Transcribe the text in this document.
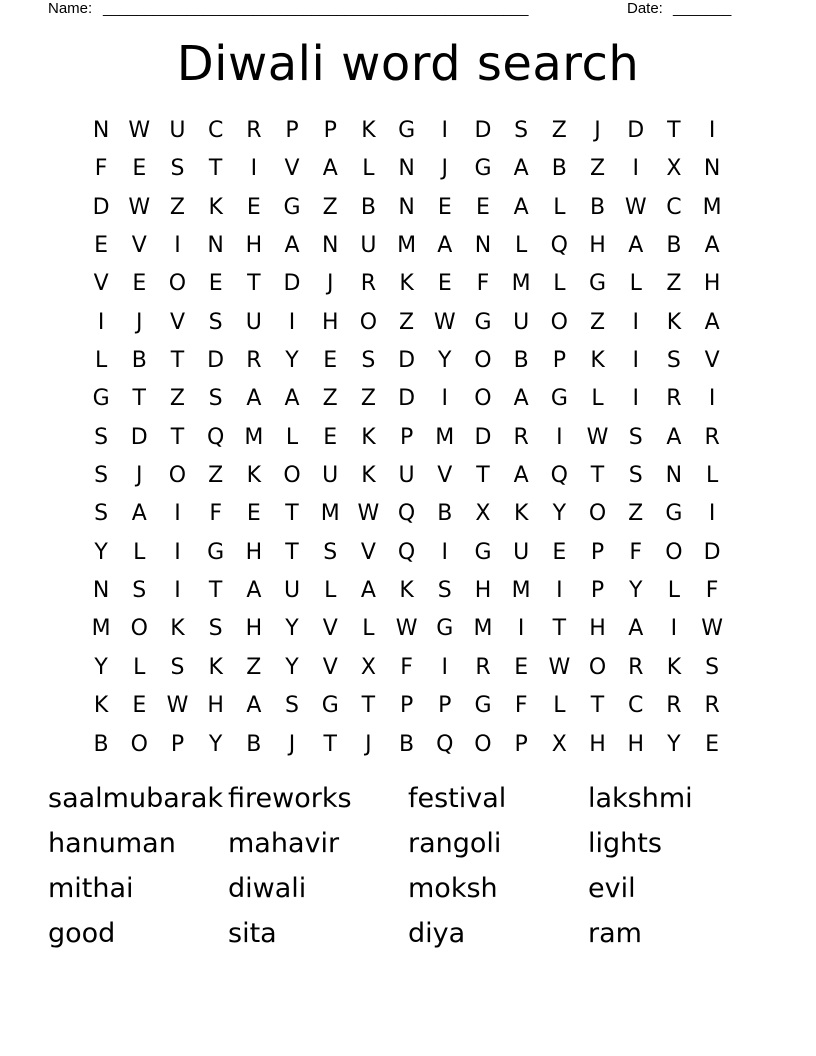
Name: ___________________________________________________	Date: _______
Diwali word search
N W U	C	R	P	P	K	G	I	D	S	Z	J	D	T	I
F	E	S	T	I	V	A	L	N	J	G	A	B	Z	I	X	N
D W Z	K	E	G	Z	B	N	E	E	A	L	B W C M
E	V	I	N H	A	N U M A	N	L	Q H	A	B	A
V	E	O	E	T	D	J	R	K	E	F	M	L	G	L	Z	H
I	J	V	S	U	I	H O Z W G U O Z	I	K	A
L	B	T	D	R	Y	E	S	D	Y	O B	P	K	I	S	V
G	T	Z	S	A	A	Z	Z	D	I	O	A	G	L	I	R	I
S	D	T	Q M	L	E	K	P	M D	R	I	W S	A	R
S	J	O Z	K	O U	K	U	V	T	A Q	T	S	N	L
S	A	I	F	E	T M W Q B	X	K	Y	O Z	G	I
Y	L	I	G H	T	S	V Q	I	G U	E	P	F	O D
N	S	I	T	A	U	L	A	K	S	H M	I	P	Y	L	F
M O	K	S	H	Y	V	L W G M	I	T	H	A	I	W
Y	L	S	K	Z	Y	V	X	F	I	R	E W O R	K	S
K	E W H	A	S	G	T	P	P	G	F	L	T	C	R	R
B O	P	Y	B	J	T	J	B Q O	P	X	H H	Y	E
saalmubarak fireworks	festival	lakshmi
hanuman	mahavir	rangoli	lights
mithai	diwali	moksh	evil
good	sita	diya	ram
